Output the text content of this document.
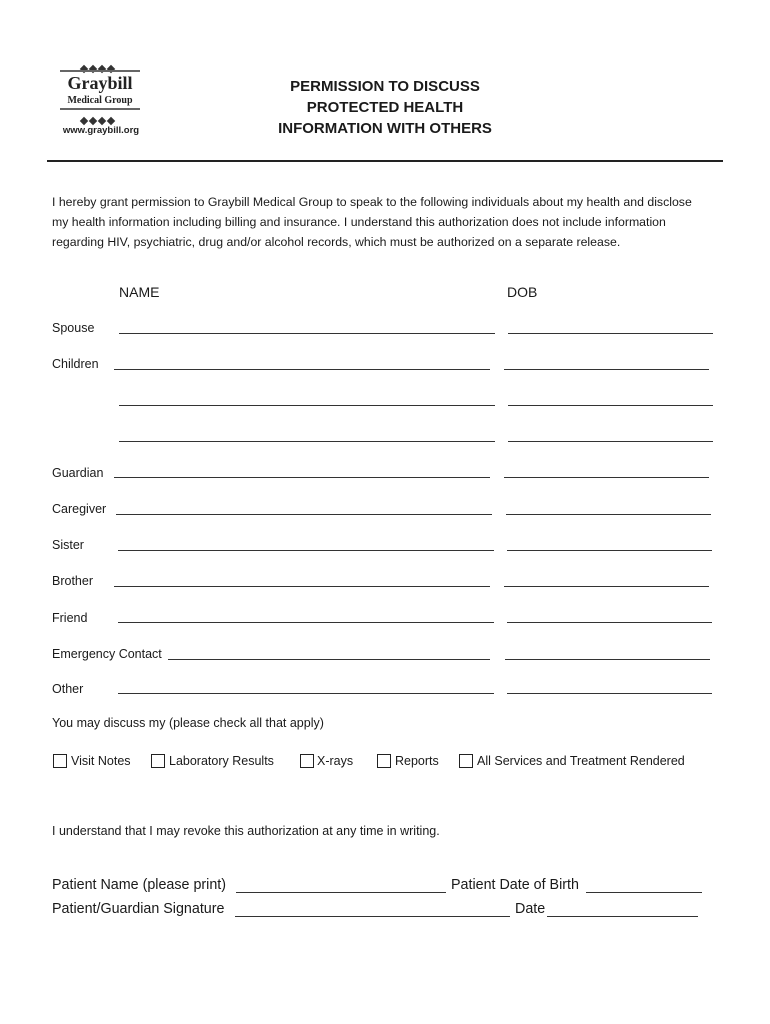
Graybill
Medical Group
www.graybill.org
PERMISSION TO DISCUSS
PROTECTED HEALTH
INFORMATION WITH OTHERS
I hereby grant permission to Graybill Medical Group to speak to the following individuals about my health and disclose
my health information including billing and insurance. I understand this authorization does not include information
regarding HIV, psychiatric, drug and/or alcohol records, which must be authorized on a separate release.
NAME	DOB
Spouse
Children
Guardian
Caregiver
Sister
Brother
Friend
Emergency Contact
Other
You may discuss my (please check all that apply)
Visit Notes	Laboratory Results	X-rays	Reports	All Services and Treatment Rendered
I understand that I may revoke this authorization at any time in writing.
Patient Name (please print)	Patient Date of Birth
Patient/Guardian Signature	Date
